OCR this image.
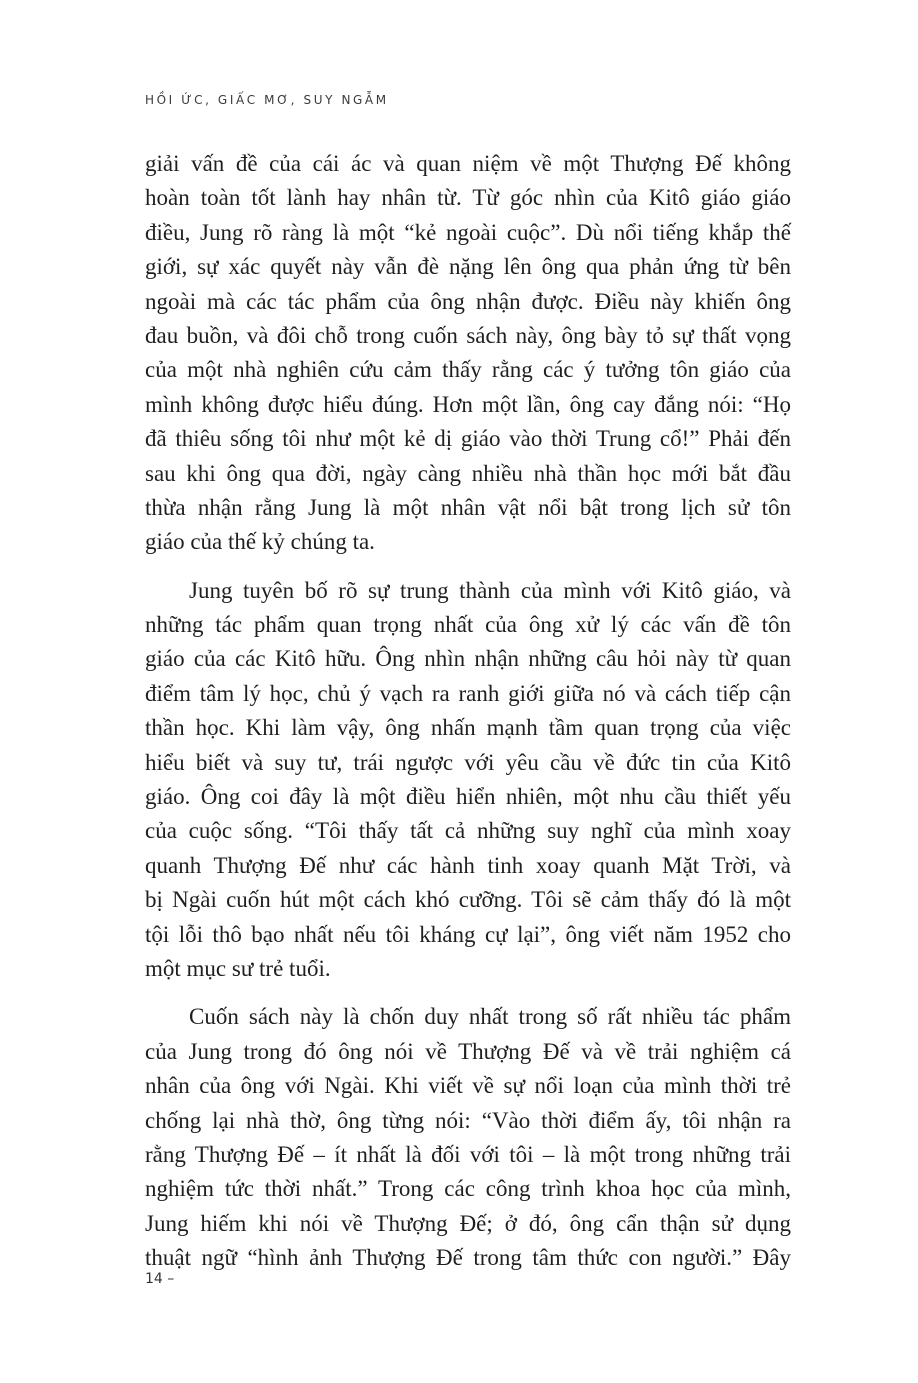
HỒI ỨC, GIẤC MƠ, SUY NGẪM
giải vấn đề của cái ác và quan niệm về một Thượng Đế không
hoàn toàn tốt lành hay nhân từ. Từ góc nhìn của Kitô giáo giáo
điều, Jung rõ ràng là một “kẻ ngoài cuộc”. Dù nổi tiếng khắp thế
giới, sự xác quyết này vẫn đè nặng lên ông qua phản ứng từ bên
ngoài mà các tác phẩm của ông nhận được. Điều này khiến ông
đau buồn, và đôi chỗ trong cuốn sách này, ông bày tỏ sự thất vọng
của một nhà nghiên cứu cảm thấy rằng các ý tưởng tôn giáo của
mình không được hiểu đúng. Hơn một lần, ông cay đắng nói: “Họ
đã thiêu sống tôi như một kẻ dị giáo vào thời Trung cổ!” Phải đến
sau khi ông qua đời, ngày càng nhiều nhà thần học mới bắt đầu
thừa nhận rằng Jung là một nhân vật nổi bật trong lịch sử tôn
giáo của thế kỷ chúng ta.
Jung tuyên bố rõ sự trung thành của mình với Kitô giáo, và
những tác phẩm quan trọng nhất của ông xử lý các vấn đề tôn
giáo của các Kitô hữu. Ông nhìn nhận những câu hỏi này từ quan
điểm tâm lý học, chủ ý vạch ra ranh giới giữa nó và cách tiếp cận
thần học. Khi làm vậy, ông nhấn mạnh tầm quan trọng của việc
hiểu biết và suy tư, trái ngược với yêu cầu về đức tin của Kitô
giáo. Ông coi đây là một điều hiển nhiên, một nhu cầu thiết yếu
của cuộc sống. “Tôi thấy tất cả những suy nghĩ của mình xoay
quanh Thượng Đế như các hành tinh xoay quanh Mặt Trời, và
bị Ngài cuốn hút một cách khó cưỡng. Tôi sẽ cảm thấy đó là một
tội lỗi thô bạo nhất nếu tôi kháng cự lại”, ông viết năm 1952 cho
một mục sư trẻ tuổi.
Cuốn sách này là chốn duy nhất trong số rất nhiều tác phẩm
của Jung trong đó ông nói về Thượng Đế và về trải nghiệm cá
nhân của ông với Ngài. Khi viết về sự nổi loạn của mình thời trẻ
chống lại nhà thờ, ông từng nói: “Vào thời điểm ấy, tôi nhận ra
rằng Thượng Đế – ít nhất là đối với tôi – là một trong những trải
nghiệm tức thời nhất.” Trong các công trình khoa học của mình,
Jung hiếm khi nói về Thượng Đế; ở đó, ông cẩn thận sử dụng
thuật ngữ “hình ảnh Thượng Đế trong tâm thức con người.” Đây
14 –
